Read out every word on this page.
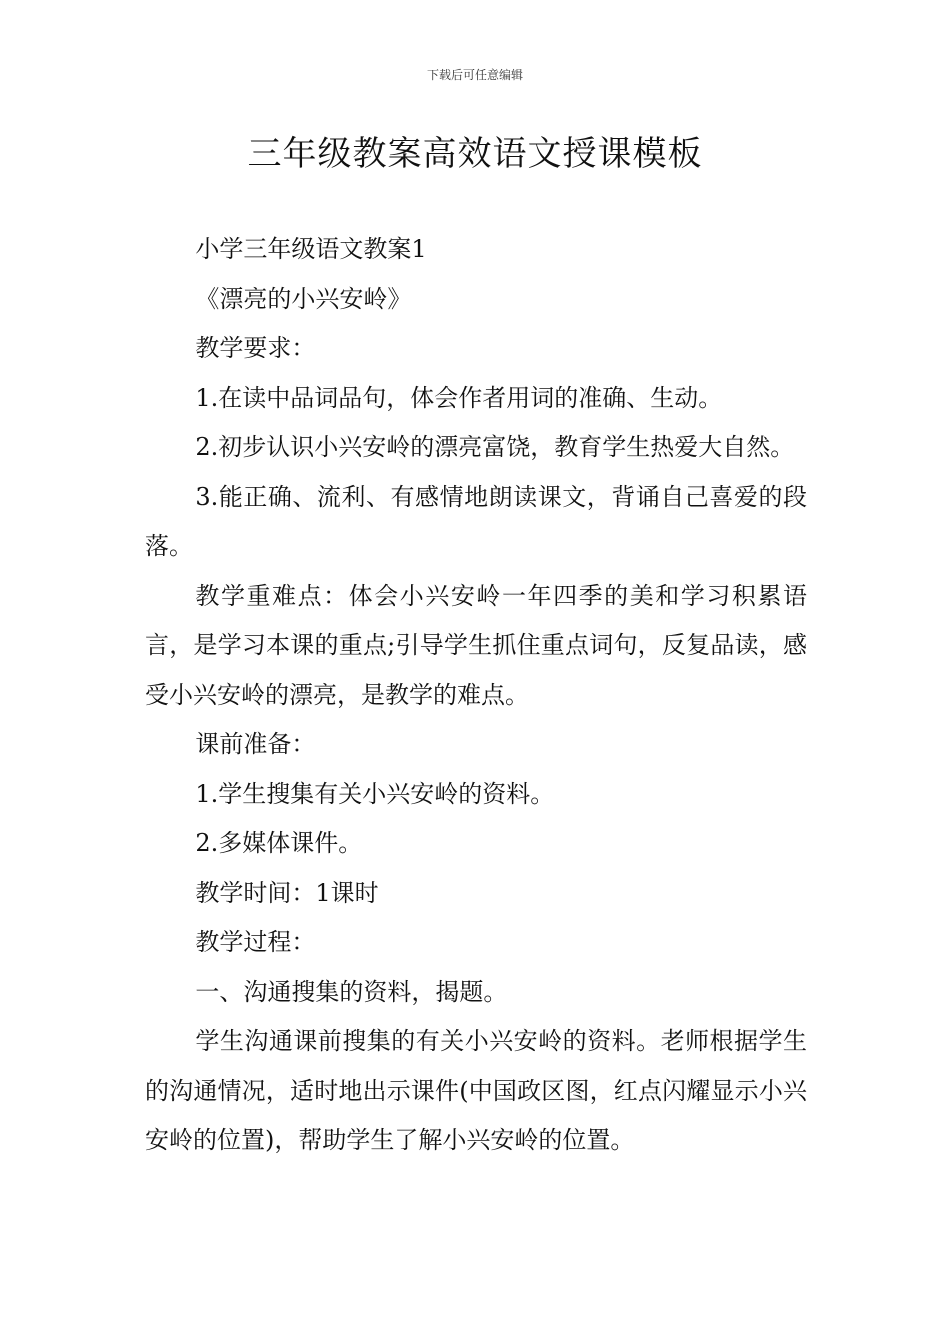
下载后可任意编辑
三年级教案高效语文授课模板

小学三年级语文教案1

《漂亮的小兴安岭》

教学要求：

1.在读中品词品句，体会作者用词的准确、生动。

2.初步认识小兴安岭的漂亮富饶，教育学生热爱大自然。

3.能正确、流利、有感情地朗读课文，背诵自己喜爱的段落。

教学重难点：体会小兴安岭一年四季的美和学习积累语言，是学习本课的重点;引导学生抓住重点词句，反复品读，感受小兴安岭的漂亮，是教学的难点。

课前准备：

1.学生搜集有关小兴安岭的资料。

2.多媒体课件。

教学时间：1课时

教学过程：

一、沟通搜集的资料，揭题。

学生沟通课前搜集的有关小兴安岭的资料。老师根据学生的沟通情况，适时地出示课件(中国政区图，红点闪耀显示小兴安岭的位置)，帮助学生了解小兴安岭的位置。
